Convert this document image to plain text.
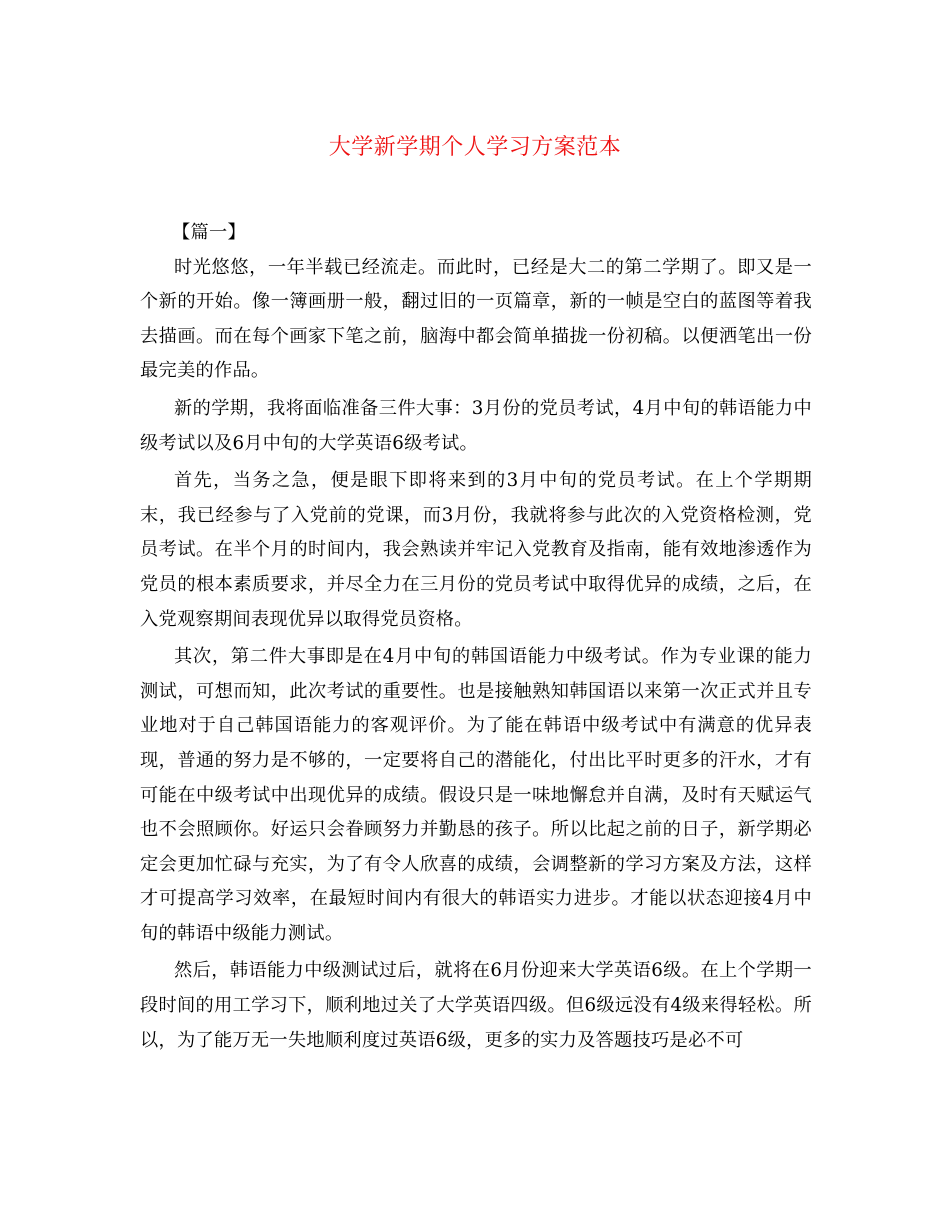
大学新学期个人学习方案范本

【篇一】

时光悠悠，一年半载已经流走。而此时，已经是大二的第二学期了。即又是一个新的开始。像一簿画册一般，翻过旧的一页篇章，新的一帧是空白的蓝图等着我去描画。而在每个画家下笔之前，脑海中都会简单描拢一份初稿。以便洒笔出一份最完美的作品。

新的学期，我将面临准备三件大事：3月份的党员考试，4月中旬的韩语能力中级考试以及6月中旬的大学英语6级考试。

首先，当务之急，便是眼下即将来到的3月中旬的党员考试。在上个学期期末，我已经参与了入党前的党课，而3月份，我就将参与此次的入党资格检测，党员考试。在半个月的时间内，我会熟读并牢记入党教育及指南，能有效地渗透作为党员的根本素质要求，并尽全力在三月份的党员考试中取得优异的成绩，之后，在入党观察期间表现优异以取得党员资格。

其次，第二件大事即是在4月中旬的韩国语能力中级考试。作为专业课的能力测试，可想而知，此次考试的重要性。也是接触熟知韩国语以来第一次正式并且专业地对于自己韩国语能力的客观评价。为了能在韩语中级考试中有满意的优异表现，普通的努力是不够的，一定要将自己的潜能化，付出比平时更多的汗水，才有可能在中级考试中出现优异的成绩。假设只是一味地懈怠并自满，及时有天赋运气也不会照顾你。好运只会眷顾努力并勤恳的孩子。所以比起之前的日子，新学期必定会更加忙碌与充实，为了有令人欣喜的成绩，会调整新的学习方案及方法，这样才可提高学习效率，在最短时间内有很大的韩语实力进步。才能以状态迎接4月中旬的韩语中级能力测试。

然后，韩语能力中级测试过后，就将在6月份迎来大学英语6级。在上个学期一段时间的用工学习下，顺利地过关了大学英语四级。但6级远没有4级来得轻松。所以，为了能万无一失地顺利度过英语6级，更多的实力及答题技巧是必不可
